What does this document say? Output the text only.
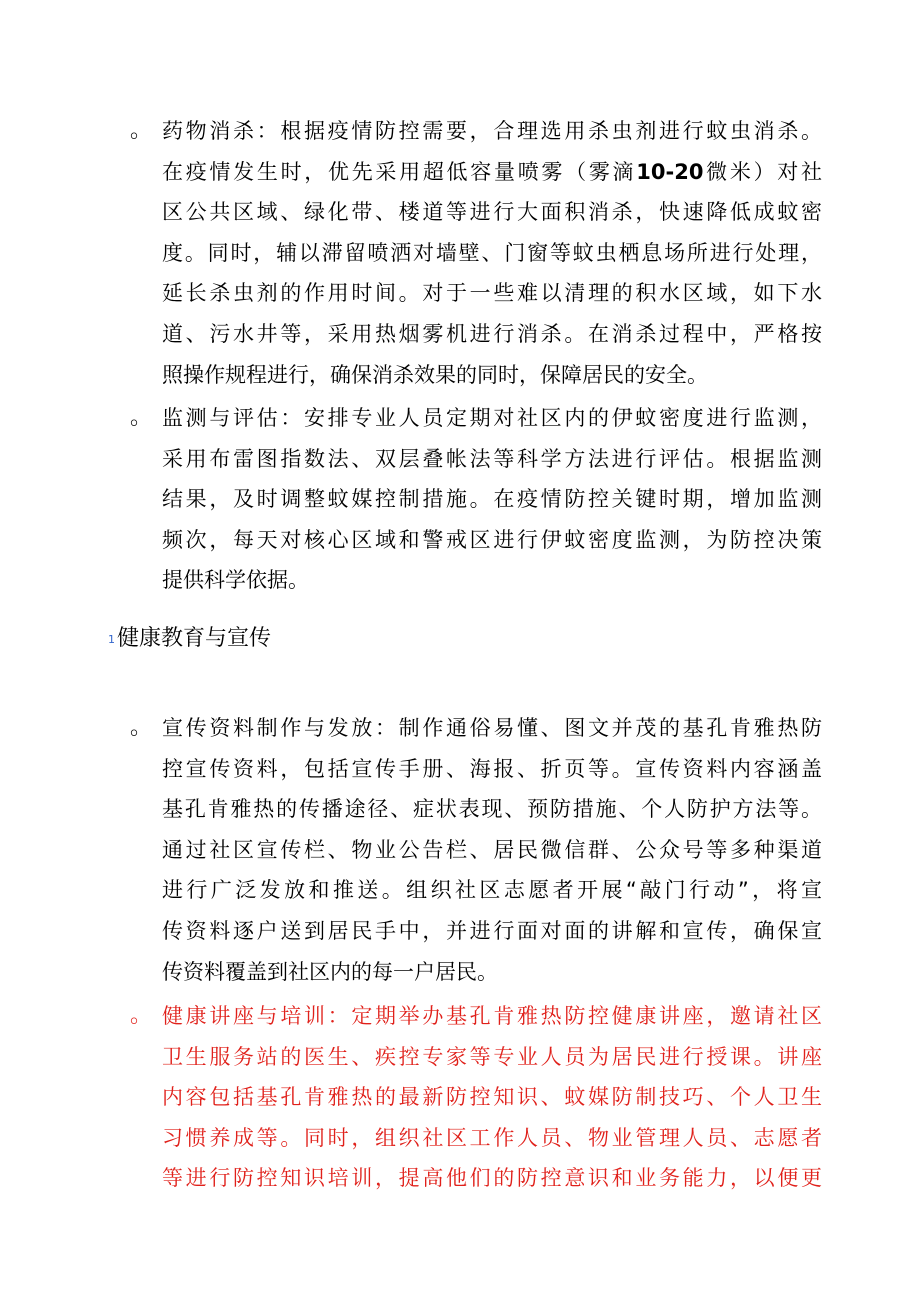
。 药物消杀：根据疫情防控需要，合理选用杀虫剂进行蚊虫消杀。
在疫情发生时，优先采用超低容量喷雾（雾滴10-20微米）对社
区公共区域、绿化带、楼道等进行大面积消杀，快速降低成蚊密
度。同时，辅以滞留喷洒对墙壁、门窗等蚊虫栖息场所进行处理，
延长杀虫剂的作用时间。对于一些难以清理的积水区域，如下水
道、污水井等，采用热烟雾机进行消杀。在消杀过程中，严格按
照操作规程进行，确保消杀效果的同时，保障居民的安全。
。 监测与评估：安排专业人员定期对社区内的伊蚊密度进行监测，
采用布雷图指数法、双层叠帐法等科学方法进行评估。根据监测
结果，及时调整蚊媒控制措施。在疫情防控关键时期，增加监测
频次，每天对核心区域和警戒区进行伊蚊密度监测，为防控决策
提供科学依据。
1健康教育与宣传
。 宣传资料制作与发放：制作通俗易懂、图文并茂的基孔肯雅热防
控宣传资料，包括宣传手册、海报、折页等。宣传资料内容涵盖
基孔肯雅热的传播途径、症状表现、预防措施、个人防护方法等。
通过社区宣传栏、物业公告栏、居民微信群、公众号等多种渠道
进行广泛发放和推送。组织社区志愿者开展“敲门行动”，将宣
传资料逐户送到居民手中，并进行面对面的讲解和宣传，确保宣
传资料覆盖到社区内的每一户居民。
。 健康讲座与培训：定期举办基孔肯雅热防控健康讲座，邀请社区
卫生服务站的医生、疾控专家等专业人员为居民进行授课。讲座
内容包括基孔肯雅热的最新防控知识、蚊媒防制技巧、个人卫生
习惯养成等。同时，组织社区工作人员、物业管理人员、志愿者
等进行防控知识培训，提高他们的防控意识和业务能力，以便更
